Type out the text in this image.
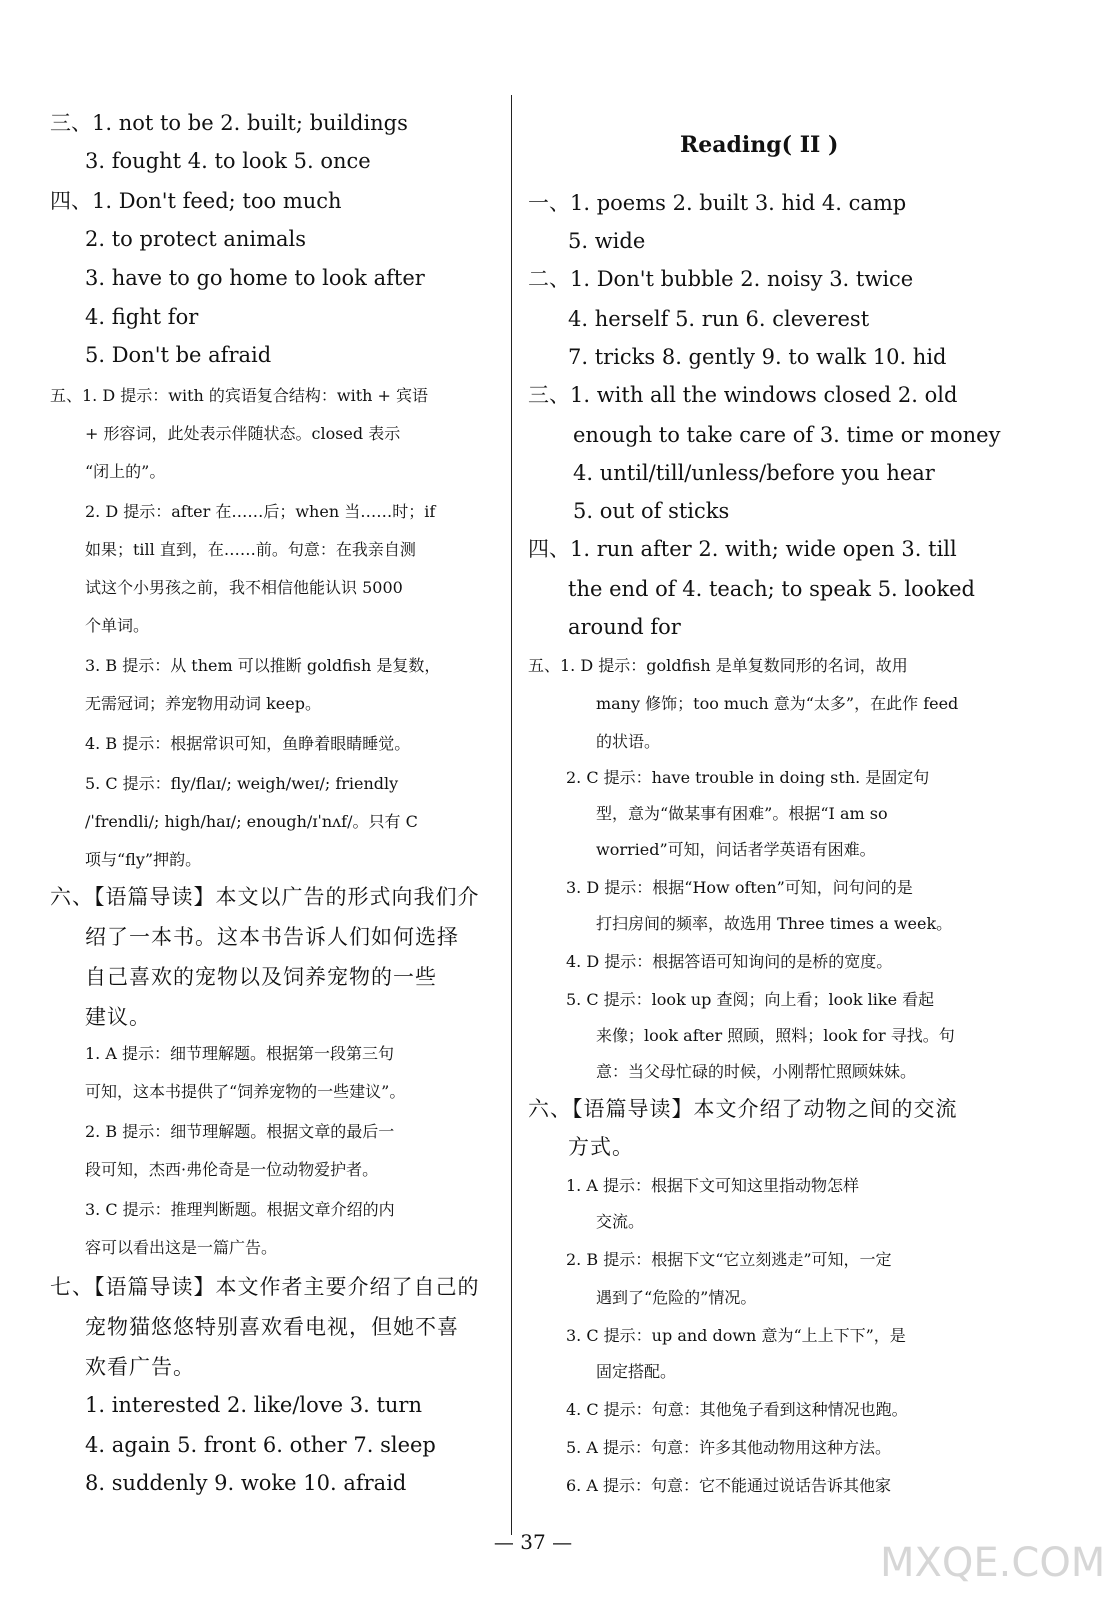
三、1. not to be 2. built; buildings
3. fought 4. to look 5. once
四、1. Don't feed; too much
2. to protect animals
3. have to go home to look after
4. fight for
5. Don't be afraid
五、1. D 提示：with 的宾语复合结构：with + 宾语
+ 形容词，此处表示伴随状态。closed 表示
“闭上的”。
2. D 提示：after 在……后；when 当……时；if
如果；till 直到，在……前。句意：在我亲自测
试这个小男孩之前，我不相信他能认识 5000
个单词。
3. B 提示：从 them 可以推断 goldfish 是复数，
无需冠词；养宠物用动词 keep。
4. B 提示：根据常识可知，鱼睁着眼睛睡觉。
5. C 提示：fly/flaɪ/; weigh/weɪ/; friendly
/ˈfrendli/; high/haɪ/; enough/ɪˈnʌf/。只有 C
项与“fly”押韵。
六、【语篇导读】本文以广告的形式向我们介
绍了一本书。这本书告诉人们如何选择
自己喜欢的宠物以及饲养宠物的一些
建议。
1. A 提示：细节理解题。根据第一段第三句
可知，这本书提供了“饲养宠物的一些建议”。
2. B 提示：细节理解题。根据文章的最后一
段可知，杰西·弗伦奇是一位动物爱护者。
3. C 提示：推理判断题。根据文章介绍的内
容可以看出这是一篇广告。
七、【语篇导读】本文作者主要介绍了自己的
宠物猫悠悠特别喜欢看电视，但她不喜
欢看广告。
1. interested 2. like/love 3. turn
4. again 5. front 6. other 7. sleep
8. suddenly 9. woke 10. afraid
Reading( II )
一、1. poems 2. built 3. hid 4. camp
5. wide
二、1. Don't bubble 2. noisy 3. twice
4. herself 5. run 6. cleverest
7. tricks 8. gently 9. to walk 10. hid
三、1. with all the windows closed 2. old
enough to take care of 3. time or money
4. until/till/unless/before you hear
5. out of sticks
四、1. run after 2. with; wide open 3. till
the end of 4. teach; to speak 5. looked
around for
五、1. D 提示：goldfish 是单复数同形的名词，故用
many 修饰；too much 意为“太多”，在此作 feed
的状语。
2. C 提示：have trouble in doing sth. 是固定句
型，意为“做某事有困难”。根据“I am so
worried”可知，问话者学英语有困难。
3. D 提示：根据“How often”可知，问句问的是
打扫房间的频率，故选用 Three times a week。
4. D 提示：根据答语可知询问的是桥的宽度。
5. C 提示：look up 查阅；向上看；look like 看起
来像；look after 照顾，照料；look for 寻找。句
意：当父母忙碌的时候，小刚帮忙照顾妹妹。
六、【语篇导读】本文介绍了动物之间的交流
方式。
1. A 提示：根据下文可知这里指动物怎样
交流。
2. B 提示：根据下文“它立刻逃走”可知，一定
遇到了“危险的”情况。
3. C 提示：up and down 意为“上上下下”，是
固定搭配。
4. C 提示：句意：其他兔子看到这种情况也跑。
5. A 提示：句意：许多其他动物用这种方法。
6. A 提示：句意：它不能通过说话告诉其他家
— 37 —	MXQE.COM
